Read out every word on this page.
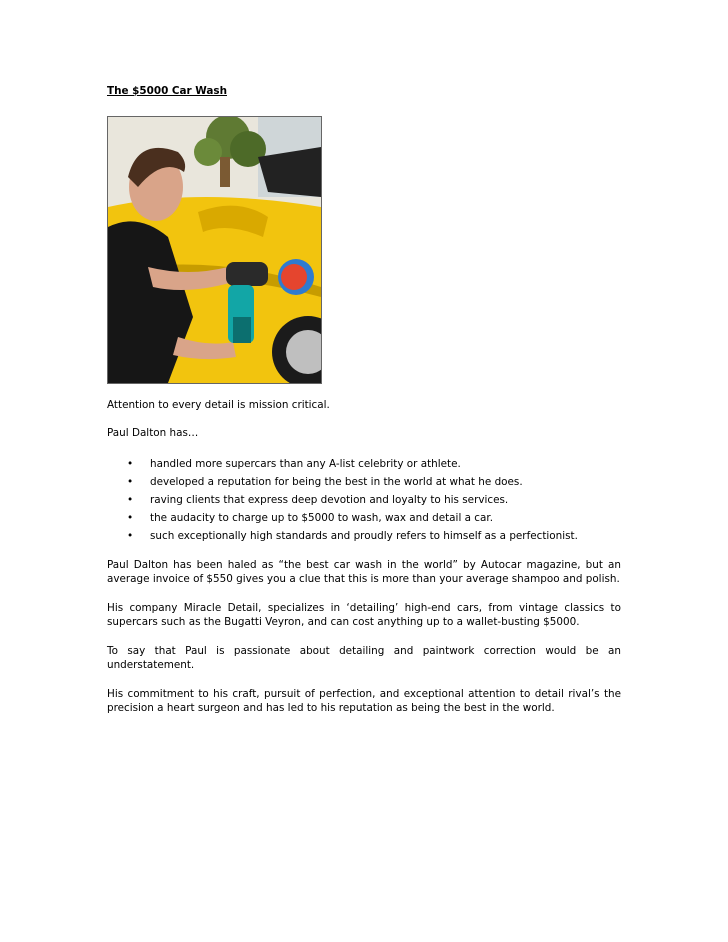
The $5000 Car Wash

Attention to every detail is mission critical.

Paul Dalton has…

• handled more supercars than any A-list celebrity or athlete.
• developed a reputation for being the best in the world at what he does.
• raving clients that express deep devotion and loyalty to his services.
• the audacity to charge up to $5000 to wash, wax and detail a car.
• such exceptionally high standards and proudly refers to himself as a perfectionist.

Paul Dalton has been haled as “the best car wash in the world” by Autocar magazine, but an average invoice of $550 gives you a clue that this is more than your average shampoo and polish.

His company Miracle Detail, specializes in ‘detailing’ high-end cars, from vintage classics to supercars such as the Bugatti Veyron, and can cost anything up to a wallet-busting $5000.

To say that Paul is passionate about detailing and paintwork correction would be an understatement.

His commitment to his craft, pursuit of perfection, and exceptional attention to detail rival’s the precision a heart surgeon and has led to his reputation as being the best in the world.
